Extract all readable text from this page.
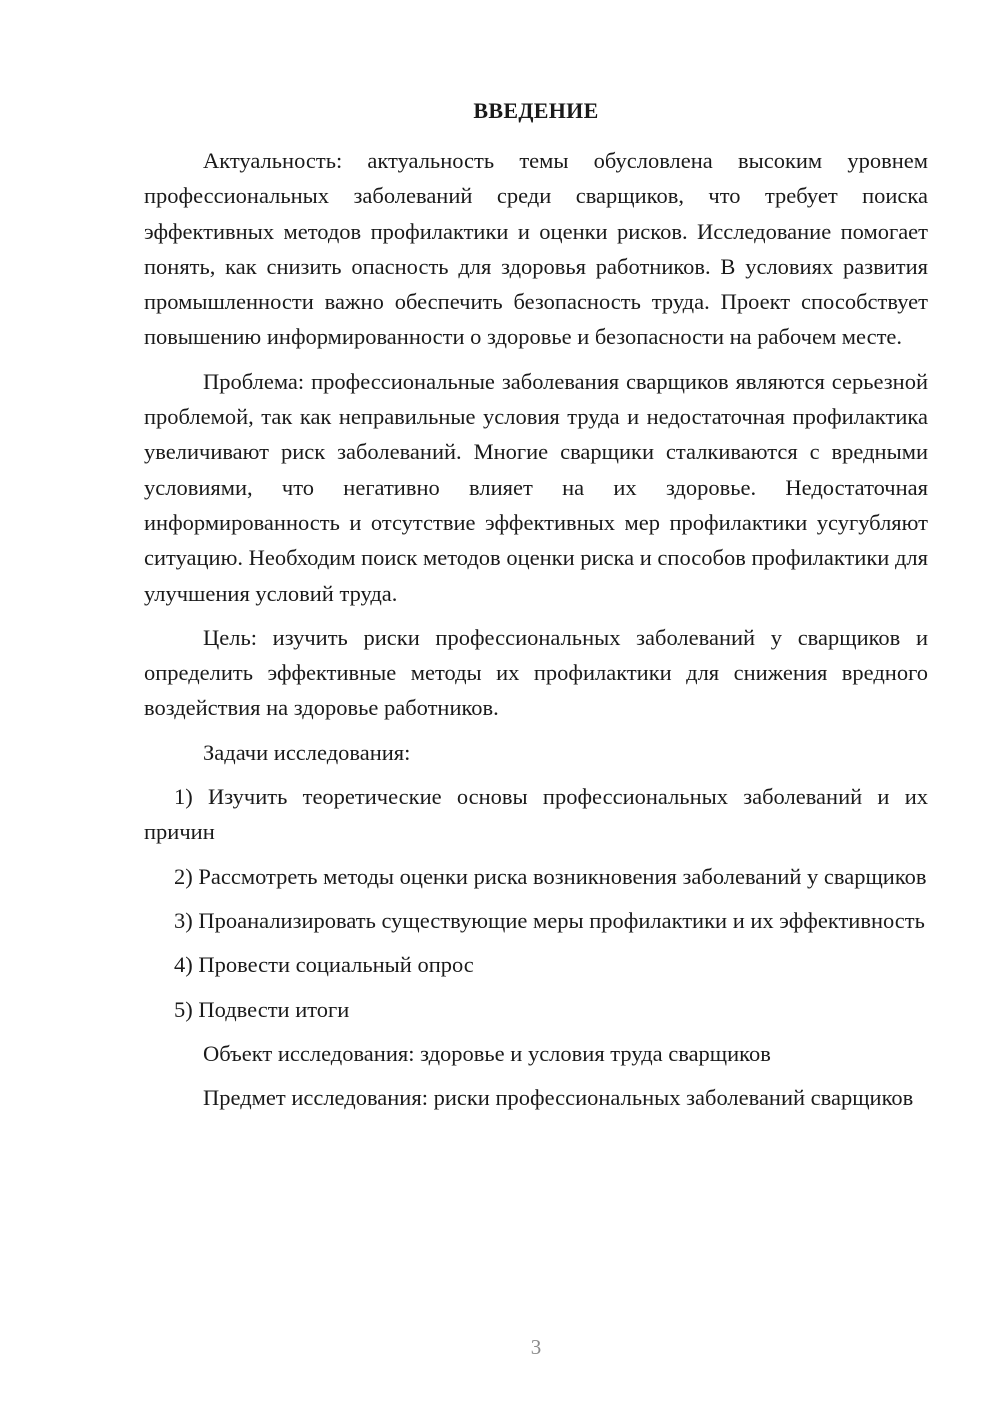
ВВЕДЕНИЕ

Актуальность: актуальность темы обусловлена высоким уровнем профессиональных заболеваний среди сварщиков, что требует поиска эффективных методов профилактики и оценки рисков. Исследование помогает понять, как снизить опасность для здоровья работников. В условиях развития промышленности важно обеспечить безопасность труда. Проект способствует повышению информированности о здоровье и безопасности на рабочем месте.

Проблема: профессиональные заболевания сварщиков являются серьезной проблемой, так как неправильные условия труда и недостаточная профилактика увеличивают риск заболеваний. Многие сварщики сталкиваются с вредными условиями, что негативно влияет на их здоровье. Недостаточная информированность и отсутствие эффективных мер профилактики усугубляют ситуацию. Необходим поиск методов оценки риска и способов профилактики для улучшения условий труда.

Цель: изучить риски профессиональных заболеваний у сварщиков и определить эффективные методы их профилактики для снижения вредного воздействия на здоровье работников.

Задачи исследования:

1) Изучить теоретические основы профессиональных заболеваний и их причин

2) Рассмотреть методы оценки риска возникновения заболеваний у сварщиков

3) Проанализировать существующие меры профилактики и их эффективность

4) Провести социальный опрос

5) Подвести итоги

Объект исследования: здоровье и условия труда сварщиков

Предмет исследования: риски профессиональных заболеваний сварщиков

3
